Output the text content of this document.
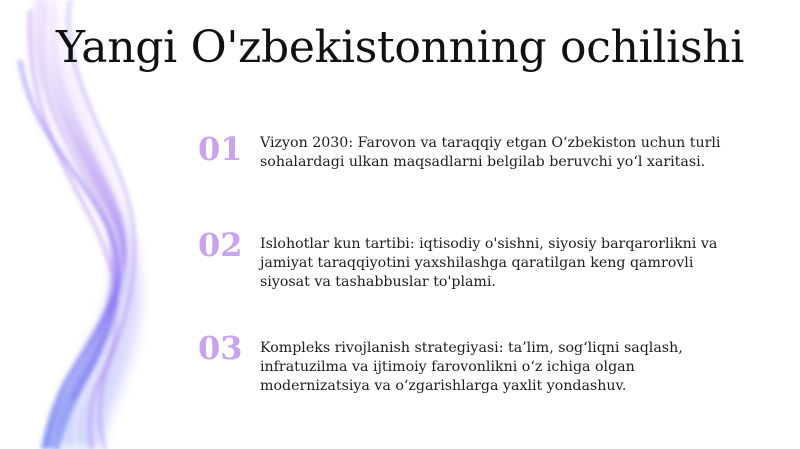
Yangi O'zbekistonning ochilishi
01	Vizyon 2030: Farovon va taraqqiy etgan O‘zbekiston uchun turli sohalardagi ulkan maqsadlarni belgilab beruvchi yo‘l xaritasi.
02	Islohotlar kun tartibi: iqtisodiy o'sishni, siyosiy barqarorlikni va jamiyat taraqqiyotini yaxshilashga qaratilgan keng qamrovli siyosat va tashabbuslar to'plami.
03	Kompleks rivojlanish strategiyasi: ta’lim, sog‘liqni saqlash, infratuzilma va ijtimoiy farovonlikni o‘z ichiga olgan modernizatsiya va o‘zgarishlarga yaxlit yondashuv.
